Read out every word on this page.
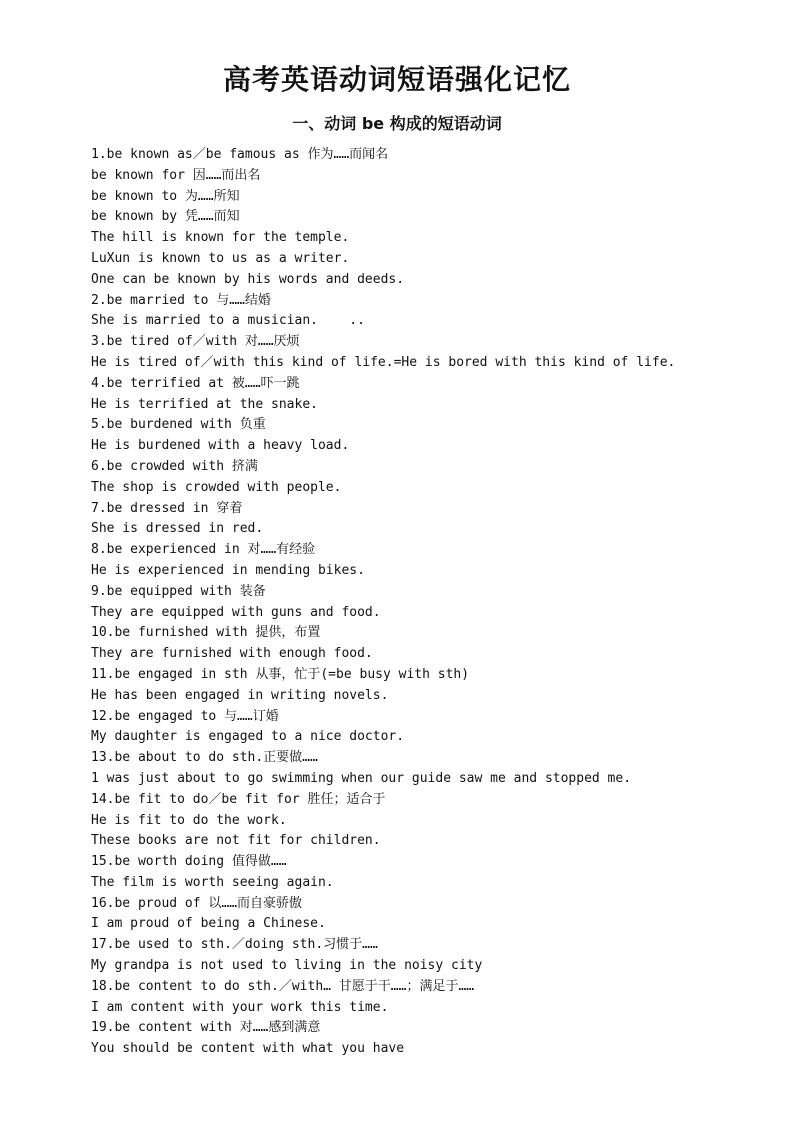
高考英语动词短语强化记忆
一、动词 be 构成的短语动词
1.be known as／be famous as 作为……而闻名
be known for 因……而出名
be known to 为……所知
be known by 凭……而知
The hill is known for the temple.
LuXun is known to us as a writer.
One can be known by his words and deeds.
2.be married to 与……结婚
She is married to a musician.    ..
3.be tired of／with 对……厌烦
He is tired of／with this kind of life.=He is bored with this kind of life.
4.be terrified at 被……吓一跳
He is terrified at the snake.
5.be burdened with 负重
He is burdened with a heavy load.
6.be crowded with 挤满
The shop is crowded with people.
7.be dressed in 穿着
She is dressed in red.
8.be experienced in 对……有经验
He is experienced in mending bikes.
9.be equipped with 装备
They are equipped with guns and food.
10.be furnished with 提供，布置
They are furnished with enough food.
11.be engaged in sth 从事，忙于(=be busy with sth)
He has been engaged in writing novels.
12.be engaged to 与……订婚
My daughter is engaged to a nice doctor.
13.be about to do sth.正要做……
1 was just about to go swimming when our guide saw me and stopped me.
14.be fit to do／be fit for 胜任；适合于
He is fit to do the work.
These books are not fit for children.
15.be worth doing 值得做……
The film is worth seeing again.
16.be proud of 以……而自豪骄傲
I am proud of being a Chinese.
17.be used to sth.／doing sth.习惯于……
My grandpa is not used to living in the noisy city
18.be content to do sth.／with… 甘愿于干……；满足于……
I am content with your work this time.
19.be content with 对……感到满意
You should be content with what you have
